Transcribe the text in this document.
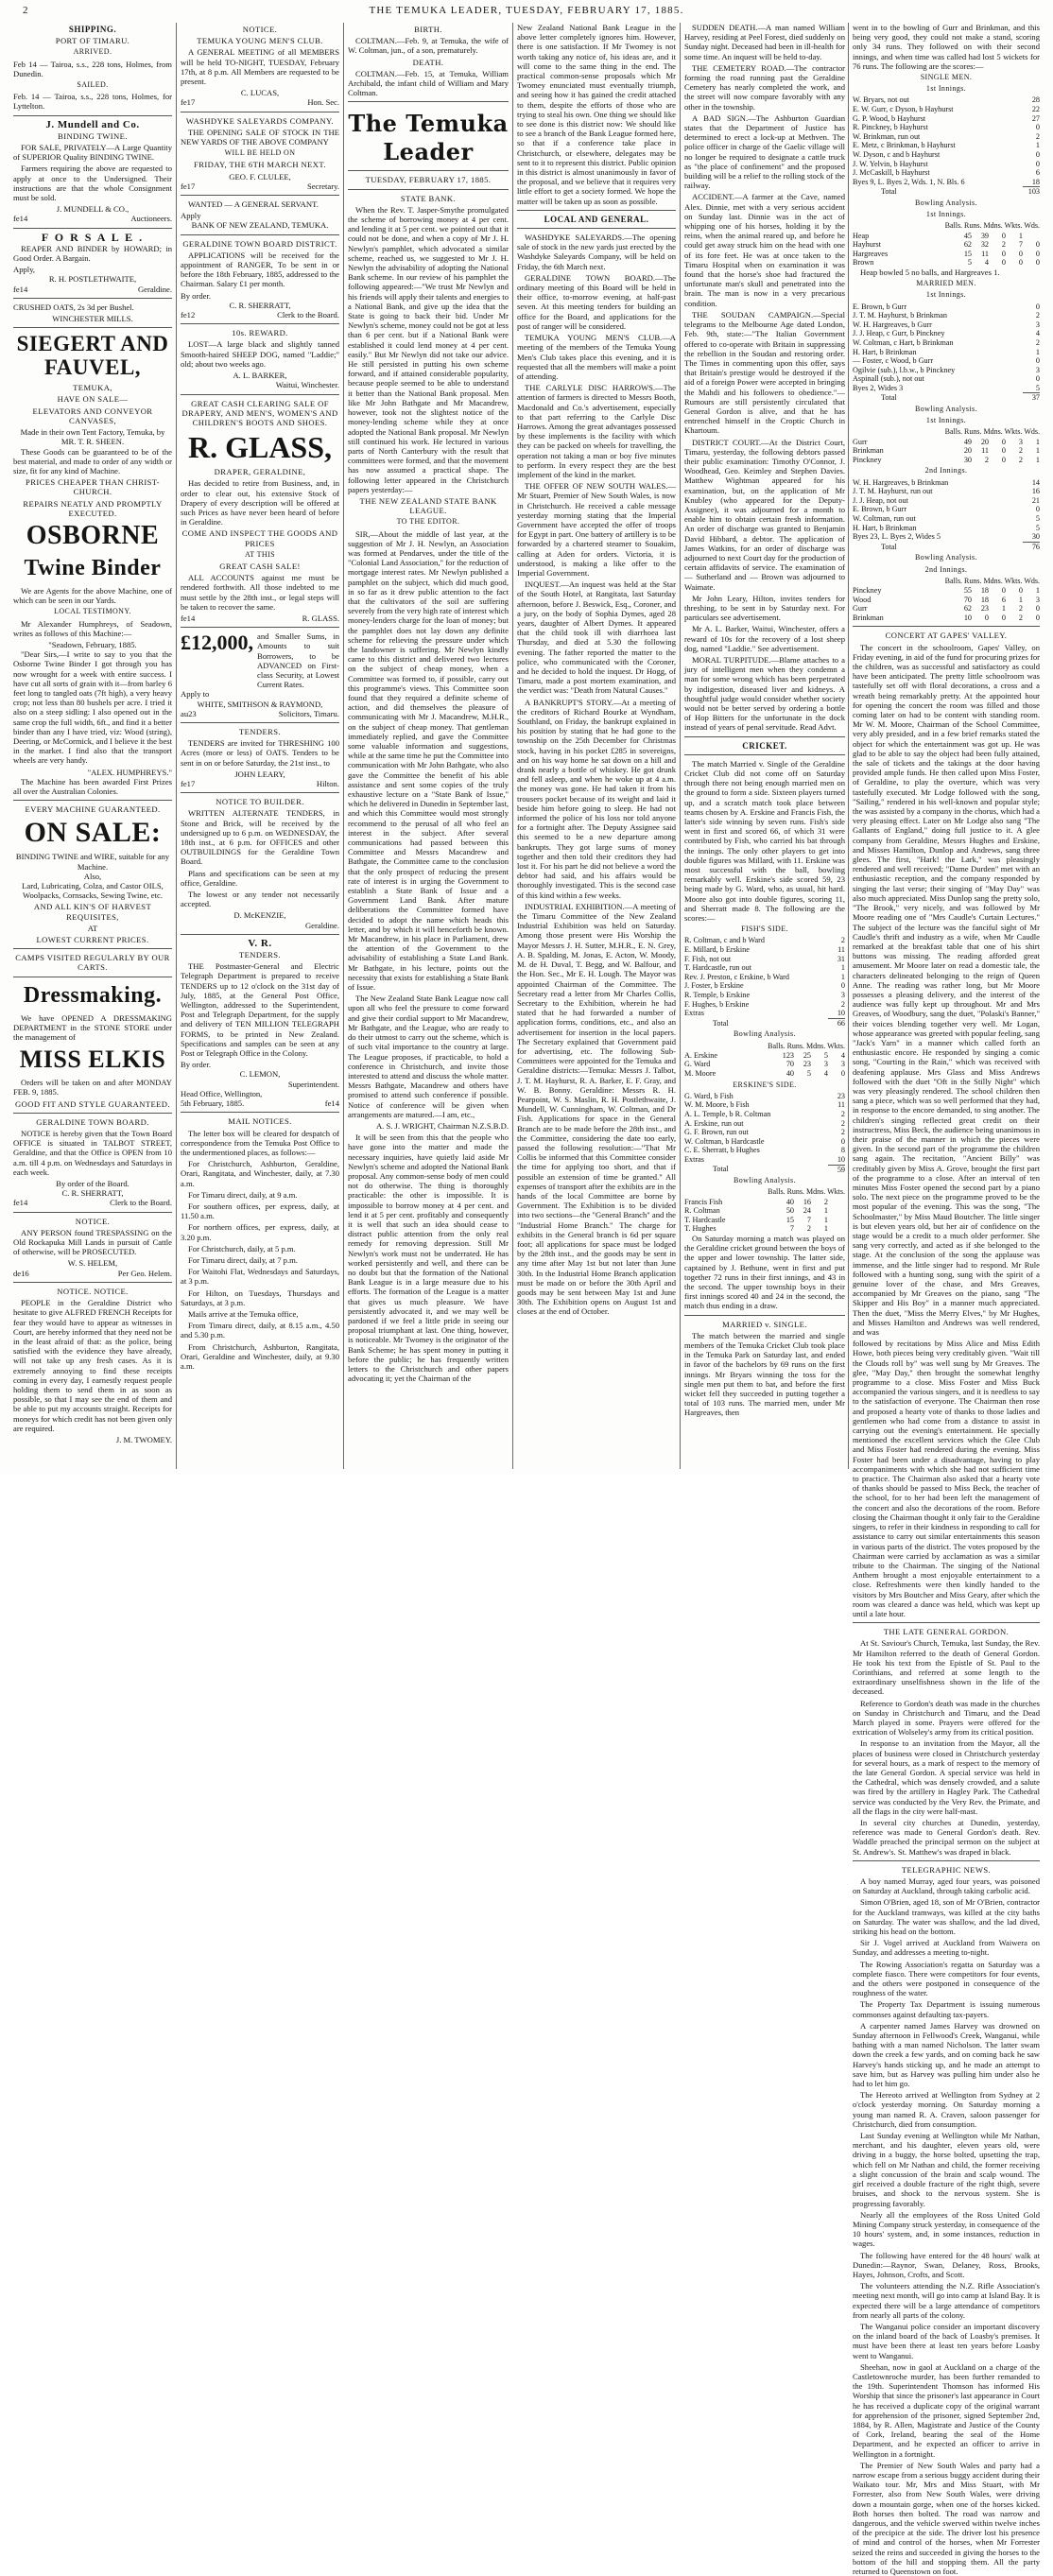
2	THE TEMUKA LEADER, TUESDAY, FEBRUARY 17, 1885.
SHIPPING.
PORT OF TIMARU.
ARRIVED.
Feb 14 — Tairoa, s.s., 228 tons, Holmes, from Dunedin.
SAILED.
Feb. 14 — Tairoa, s.s., 228 tons, Holmes, for Lyttelton.
J. Mundell and Co.
BINDING TWINE.
FOR SALE, PRIVATELY—A Large Quantity of SUPERIOR Quality BINDING TWINE.
Farmers requiring the above are requested to apply at once to the Undersigned. Their instructions are that the whole Consignment must be sold.
J. MUNDELL & CO.,
fe14	Auctioneers.
F O R S A L E .
REAPER AND BINDER by HOWARD; in Good Order. A Bargain.
Apply,
R. H. POSTLETHWAITE,
fe14	Geraldine.
CRUSHED OATS, 2s 3d per Bushel.
WINCHESTER MILLS.
SIEGERT AND FAUVEL,
TEMUKA,
HAVE ON SALE—
ELEVATORS AND CONVEYOR CANVASES,
Made in their own Tent Factory, Temuka, by MR. T. R. SHEEN.
These Goods can be guaranteed to be of the best material, and made to order of any width or size, fit for any kind of Machine.
PRICES CHEAPER THAN CHRIST-CHURCH.
REPAIRS NEATLY AND PROMPTLY EXECUTED.
OSBORNE
Twine Binder
We are Agents for the above Machine, one of which can be seen in our Yards.
LOCAL TESTIMONY.
Mr Alexander Humphreys, of Seadown, writes as follows of this Machine:—
"Seadown, February, 1885.
"Dear Sirs,—I write to say to you that the Osborne Twine Binder I got through you has now wrought for a week with entire success. I have cut all sorts of grain with it—from barley 6 feet long to tangled oats (7ft high), a very heavy crop; not less than 80 bushels per acre. I tried it also on a steep sidling: I also opened out in the same crop the full width, 6ft., and find it a better binder than any I have tried, viz: Wood (string), Deering, or McCormick, and I believe it the best in the market. I find also that the transport wheels are very handy.
"ALEX. HUMPHREYS."
The Machine has been awarded First Prizes all over the Australian Colonies.
EVERY MACHINE GUARANTEED.
ON SALE:
BINDING TWINE and WIRE, suitable for any Machine.
Also,
Lard, Lubricating, Colza, and Castor OILS,
Woolpacks, Cornsacks, Sewing Twine, etc.
AND ALL KIN'S OF HARVEST REQUISITES,
AT
LOWEST CURRENT PRICES.
CAMPS VISITED REGULARLY BY OUR CARTS.
Dressmaking.
We have OPENED A DRESSMAKING DEPARTMENT in the STONE STORE under the management of
MISS ELKIS
Orders will be taken on and after MONDAY FEB. 9, 1885.
GOOD FIT AND STYLE GUARANTEED.
GERALDINE TOWN BOARD.
NOTICE is hereby given that the Town Board OFFICE is situated in TALBOT STREET, Geraldine, and that the Office is OPEN from 10 a.m. till 4 p.m. on Wednesdays and Saturdays in each week.
By order of the Board.
C. R. SHERRATT,
fe14	Clerk to the Board.
NOTICE.
ANY PERSON found TRESPASSING on the Old Rockapuka Mill Lands in pursuit of Cattle of otherwise, will be PROSECUTED.
W. S. HELEM,
de16	Per Geo. Helem.
NOTICE. NOTICE.
PEOPLE in the Geraldine District who hesitate to give ALFRED FRENCH Receipts for fear they would have to appear as witnesses in Court, are hereby informed that they need not be in the least afraid of that: as the police, being satisfied with the evidence they have already, will not take up any fresh cases. As it is extremely annoying to find these receipts coming in every day, I earnestly request people holding them to send them in as soon as possible, so that I may see the end of them and be able to put my accounts straight. Receipts for moneys for which credit has not been given only are required.
J. M. TWOMEY.
NOTICE.
TEMUKA YOUNG MEN'S CLUB.
A GENERAL MEETING of all MEMBERS will be held TO-NIGHT, TUESDAY, February 17th, at 8 p.m. All Members are requested to be present.
C. LUCAS,
fe17	Hon. Sec.
WASHDYKE SALEYARDS COMPANY.
THE OPENING SALE OF STOCK IN THE NEW YARDS OF THE ABOVE COMPANY
WILL BE HELD ON
FRIDAY, THE 6TH MARCH NEXT.
GEO. F. CLULEE,
fe17	Secretary.
WANTED — A GENERAL SERVANT.
Apply
BANK OF NEW ZEALAND, TEMUKA.
GERALDINE TOWN BOARD DISTRICT.
APPLICATIONS will be received for the appointment of RANGER, To be sent in or before the 18th February, 1885, addressed to the Chairman. Salary £1 per month.
By order.
C. R. SHERRATT,
fe12	Clerk to the Board.
10s. REWARD.
LOST—A large black and slightly tanned Smooth-haired SHEEP DOG, named "Laddie;" old; about two weeks ago.
A. L. BARKER,
Waitui, Winchester.
GREAT CASH CLEARING SALE OF DRAPERY, AND MEN'S, WOMEN'S AND CHILDREN'S BOOTS AND SHOES.
R. GLASS,
DRAPER, GERALDINE,
Has decided to retire from Business, and, in order to clear out, his extensive Stock of Drapery of every description will be offered at such Prices as have never been heard of before in Geraldine.
COME AND INSPECT THE GOODS AND PRICES
AT THIS
GREAT CASH SALE!
ALL ACCOUNTS against me must be rendered forthwith. All those indebted to me must settle by the 28th inst., or legal steps will be taken to recover the same.
fe14	R. GLASS.
£12,000, and Smaller Sums, in Amounts to suit Borrowers, to be ADVANCED on First-class Security, at Lowest Current Rates.
Apply to
WHITE, SMITHSON & RAYMOND,
au23	Solicitors, Timaru.
TENDERS.
TENDERS are invited for THRESHING 100 Acres (more or less) of OATS. Tenders to be sent in on or before Saturday, the 21st inst., to
JOHN LEARY,
fe17	Hilton.
NOTICE TO BUILDER.
WRITTEN ALTERNATE TENDERS, in Stone and Brick, will be received by the undersigned up to 6 p.m. on WEDNESDAY, the 18th inst., at 6 p.m. for OFFICES and other OUTBUILDINGS for the Geraldine Town Board.
Plans and specifications can be seen at my office, Geraldine.
The lowest or any tender not necessarily accepted.
D. McKENZIE,
Geraldine.
V. R.
TENDERS.
THE Postmaster-General and Electric Telegraph Department is prepared to receive TENDERS up to 12 o'clock on the 31st day of July, 1885, at the General Post Office, Wellington, addressed to the Superintendent, Post and Telegraph Department, for the supply and delivery of TEN MILLION TELEGRAPH FORMS, to be printed in New Zealand. Specifications and samples can be seen at any Post or Telegraph Office in the Colony.
By order.
C. LEMON,
Superintendent.
Head Office, Wellington,
5th February, 1885.	fe14
MAIL NOTICES.
The letter box will be cleared for despatch of correspondence from the Temuka Post Office to the undermentioned places, as follows:—
For Christchurch, Ashburton, Geraldine, Orari, Rangitata, and Winchester, daily, at 7.30 a.m.
For Timaru direct, daily, at 9 a.m.
For southern offices, per express, daily, at 11.50 a.m.
For northern offices, per express, daily, at 3.20 p.m.
For Christchurch, daily, at 5 p.m.
For Timaru direct, daily, at 7 p.m.
For Waitohi Flat, Wednesdays and Saturdays, at 3 p.m.
For Hilton, on Tuesdays, Thursdays and Saturdays, at 3 p.m.
Mails arrive at the Temuka office,
From Timaru direct, daily, at 8.15 a.m., 4.50 and 5.30 p.m.
From Christchurch, Ashburton, Rangitata, Orari, Geraldine and Winchester, daily, at 9.30 a.m.
BIRTH.
COLTMAN.—Feb. 9, at Temuka, the wife of W. Coltman, jun., of a son, prematurely.
DEATH.
COLTMAN.—Feb. 15, at Temuka, William Archibald, the infant child of William and Mary Coltman.
The Temuka Leader
TUESDAY, FEBRUARY 17, 1885.
STATE BANK.
When the Rev. T. Jasper-Smythe promulgated the scheme of borrowing money at 4 per cent. and lending it at 5 per cent. we pointed out that it could not be done, and when a copy of Mr J. H. Newlyn's pamphlet, which advocated a similar scheme, reached us, we suggested to Mr J. H. Newlyn the advisability of adopting the National Bank scheme. In our review of his pamphlet the following appeared:—"We trust Mr Newlyn and his friends will apply their talents and energies to a National Bank, and give up the idea that the State is going to back their bid. Under Mr Newlyn's scheme, money could not be got at less than 6 per cent. but if a National Bank were established it could lend money at 4 per cent. easily." But Mr Newlyn did not take our advice. He still persisted in putting his own scheme forward, and if attained considerable popularity, because people seemed to be able to understand it better than the National Bank proposal. Men like Mr John Bathgate and Mr Macandrew, however, took not the slightest notice of the money-lending scheme while they at once adopted the National Bank proposal. Mr Newlyn still continued his work. He lectured in various parts of North Canterbury with the result that committees were formed, and that the movement has now assumed a practical shape. The following letter appeared in the Christchurch papers yesterday:—
THE NEW ZEALAND STATE BANK LEAGUE.
TO THE EDITOR.
SIR,—About the middle of last year, at the suggestion of Mr J. H. Newlyn, an Association was formed at Pendarves, under the title of the "Colonial Land Association," for the reduction of mortgage interest rates. Mr Newlyn published a pamphlet on the subject, which did much good, in so far as it drew public attention to the fact that the cultivators of the soil are suffering severely from the very high rate of interest which money-lenders charge for the loan of money; but the pamphlet does not lay down any definite scheme for relieving the pressure under which the landowner is suffering. Mr Newlyn kindly came to this district and delivered two lectures on the subject of cheap money, when a Committee was formed to, if possible, carry out this programme's views. This Committee soon found that they required a definite scheme of action, and did themselves the pleasure of communicating with Mr J. Macandrew, M.H.R., on the subject of cheap money. That gentleman immediately replied, and gave the Committee some valuable information and suggestions, while at the same time he put the Committee into communication with Mr John Bathgate, who also gave the Committee the benefit of his able assistance and sent some copies of the truly exhaustive lecture on a "State Bank of Issue," which he delivered in Dunedin in September last, and which this Committee would most strongly recommend to the perusal of all who feel an interest in the subject. After several communications had passed between this Committee and Messrs Macandrew and Bathgate, the Committee came to the conclusion that the only prospect of reducing the present rate of interest is in urging the Government to establish a State Bank of Issue and a Government Land Bank. After mature deliberations the Committee formed have decided to adopt the name which heads this letter, and by which it will henceforth be known. Mr Macandrew, in his place in Parliament, drew the attention of the Government to the advisability of establishing a State Land Bank. Mr Bathgate, in his lecture, points out the necessity that exists for establishing a State Bank of Issue.
The New Zealand State Bank League now call upon all who feel the pressure to come forward and give their cordial support to Mr Macandrew, Mr Bathgate, and the League, who are ready to do their utmost to carry out the scheme, which is of such vital importance to the country at large. The League proposes, if practicable, to hold a conference in Christchurch, and invite those interested to attend and discuss the whole matter. Messrs Bathgate, Macandrew and others have promised to attend such conference if possible. Notice of conference will be given when arrangements are matured.—I am, etc.,
A. S. J. WRIGHT, Chairman N.Z.S.B.D.
It will be seen from this that the people who have gone into the matter and made the necessary inquiries, have quietly laid aside Mr Newlyn's scheme and adopted the National Bank proposal. Any common-sense body of men could not do otherwise. The thing is thoroughly practicable: the other is impossible. It is impossible to borrow money at 4 per cent. and lend it at 5 per cent. profitably and consequently it is well that such an idea should cease to distract public attention from the only real remedy for removing depression. Still Mr Newlyn's work must not be underrated. He has worked persistently and well, and there can be no doubt but that the formation of the National Bank League is in a large measure due to his efforts. The formation of the League is a matter that gives us much pleasure. We have persistently advocated it, and we may well be pardoned if we feel a little pride in seeing our proposal triumphant at last. One thing, however, is noticeable. Mr Twomey is the originator of the Bank Scheme; he has spent money in putting it before the public; he has frequently written letters to the Christchurch and other papers advocating it; yet the Chairman of the
New Zealand National Bank League in the above letter completely ignores him. However, there is one satisfaction. If Mr Twomey is not worth taking any notice of, his ideas are, and it will come to the same thing in the end. The practical common-sense proposals which Mr Twomey enunciated must eventually triumph, and seeing how it has gained the credit attached to them, despite the efforts of those who are trying to steal his own. One thing we should like to see done is this district now: We should like to see a branch of the Bank League formed here, so that if a conference take place in Christchurch, or elsewhere, delegates may be sent to it to represent this district. Public opinion in this district is almost unanimously in favor of the proposal, and we believe that it requires very little effort to get a society formed. We hope the matter will be taken up as soon as possible.
LOCAL AND GENERAL.
WASHDYKE SALEYARDS.—The opening sale of stock in the new yards just erected by the Washdyke Saleyards Company, will be held on Friday, the 6th March next.
GERALDINE TOWN BOARD.—The ordinary meeting of this Board will be held in their office, to-morrow evening, at half-past seven. At this meeting tenders for building an office for the Board, and applications for the post of ranger will be considered.
TEMUKA YOUNG MEN'S CLUB.—A meeting of the members of the Temuka Young Men's Club takes place this evening, and it is requested that all the members will make a point of attending.
THE CARLYLE DISC HARROWS.—The attention of farmers is directed to Messrs Booth, Macdonald and Co.'s advertisement, especially to that part referring to the Carlyle Disc Harrows. Among the great advantages possessed by these implements is the facility with which they can be packed on wheels for travelling, the operation not taking a man or boy five minutes to perform. In every respect they are the best implement of the kind in the market.
THE OFFER OF NEW SOUTH WALES.—Mr Stuart, Premier of New South Wales, is now in Christchurch. He received a cable message yesterday morning stating that the Imperial Government have accepted the offer of troops for Egypt in part. One battery of artillery is to be forwarded by a chartered steamer to Souakim, calling at Aden for orders. Victoria, it is understood, is making a like offer to the Imperial Government.
INQUEST.—An inquest was held at the Star of the South Hotel, at Rangitata, last Saturday afternoon, before J. Beswick, Esq., Coroner, and a jury, on the body of Sophia Dymes, aged 28 years, daughter of Albert Dymes. It appeared that the child took ill with diarrhoea last Thursday, and died at 5.30 the following evening. The father reported the matter to the police, who communicated with the Coroner, and he decided to hold the inquest. Dr Hogg, of Timaru, made a post mortem examination, and the verdict was: "Death from Natural Causes."
A BANKRUPT'S STORY.—At a meeting of the creditors of Richard Bourke at Wyndham, Southland, on Friday, the bankrupt explained in his position by stating that he had gone to the township on the 25th December for Christmas stock, having in his pocket £285 in sovereigns, and on his way home he sat down on a hill and drank nearly a bottle of whiskey. He got drunk and fell asleep, and when he woke up at 4 a.m. the money was gone. He had taken it from his trousers pocket because of its weight and laid it beside him before going to sleep. He had not informed the police of his loss nor told anyone for a fortnight after. The Deputy Assignee said this seemed to be a new departure among bankrupts. They got large sums of money together and then told their creditors they had lost it. For his part he did not believe a word the debtor had said, and his affairs would be thoroughly investigated. This is the second case of this kind within a few weeks.
INDUSTRIAL EXHIBITION.—A meeting of the Timaru Committee of the New Zealand Industrial Exhibition was held on Saturday. Among those present were His Worship the Mayor Messrs J. H. Sutter, M.H.R., E. N. Grey, A. B. Spalding, M. Jonas, E. Acton, W. Moody, M. de H. Duval, T. Begg, and W. Balfour, and the Hon. Sec., Mr E. H. Lough. The Mayor was appointed Chairman of the Committee. The Secretary read a letter from Mr Charles Collis, Secretary to the Exhibition, wherein he had stated that he had forwarded a number of application forms, conditions, etc., and also an advertisement for insertion in the local papers. The Secretary explained that Government paid for advertising, etc. The following Sub-Committees were appointed for the Temuka and Geraldine districts:—Temuka: Messrs J. Talbot, J. T. M. Hayhurst, R. A. Barker, E. F. Gray, and W. B. Bonny. Geraldine: Messrs R. H. Pearpoint, W. S. Maslin, R. H. Postlethwaite, J. Mundell, W. Cunningham, W. Coltman, and Dr Fish. Applications for space in the General Branch are to be made before the 28th inst., and the Committee, considering the date too early, passed the following resolution:—"That Mr Collis be informed that this Committee consider the time for applying too short, and that if possible an extension of time be granted." All expenses of transport after the exhibits are in the hands of the local Committee are borne by Government. The Exhibition is to be divided into two sections—the "General Branch" and the "Industrial Home Branch." The charge for exhibits in the General branch is 6d per square foot; all applications for space must be lodged by the 28th inst., and the goods may be sent in any time after May 1st but not later than June 30th. In the Industrial Home Branch application must be made on or before the 30th April and goods may be sent between May 1st and June 30th. The Exhibition opens on August 1st and closes at the end of October.
SUDDEN DEATH.—A man named William Harvey, residing at Peel Forest, died suddenly on Sunday night. Deceased had been in ill-health for some time. An inquest will be held to-day.
THE CEMETERY ROAD.—The contractor forming the road running past the Geraldine Cemetery has nearly completed the work, and the street will now compare favorably with any other in the township.
A BAD SIGN.—The Ashburton Guardian states that the Department of Justice has determined to erect a lock-up at Methven. The police officer in charge of the Gaelic village will no longer be required to designate a cattle truck as "the place of confinement" and the proposed building will be a relief to the rolling stock of the railway.
ACCIDENT.—A farmer at the Cave, named Alex. Dinnie, met with a very serious accident on Sunday last. Dinnie was in the act of whipping one of his horses, holding it by the reins, when the animal reared up, and before he could get away struck him on the head with one of its fore feet. He was at once taken to the Timaru Hospital when on examination it was found that the horse's shoe had fractured the unfortunate man's skull and penetrated into the brain. The man is now in a very precarious condition.
THE SOUDAN CAMPAIGN.—Special telegrams to the Melbourne Age dated London, Feb. 9th, state:—"The Italian Government offered to co-operate with Britain in suppressing the rebellion in the Soudan and restoring order. The Times in commenting upon this offer, says that Britain's prestige would be destroyed if the aid of a foreign Power were accepted in bringing the Mahdi and his followers to obedience."—Rumours are still persistently circulated that General Gordon is alive, and that he has entrenched himself in the Croptic Church in Khartoum.
DISTRICT COURT.—At the District Court, Timaru, yesterday, the following debtors passed their public examination: Timothy O'Connor, J. Woodhead, Geo. Keimley and Stephen Davies. Matthew Wightman appeared for his examination, but, on the application of Mr Knubley (who appeared for the Deputy-Assignee), it was adjourned for a month to enable him to obtain certain fresh information. An order of discharge was granted to Benjamin David Hibbard, a debtor. The application of James Watkins, for an order of discharge was adjourned to next Court day for the production of certain affidavits of service. The examination of — Sutherland and — Brown was adjourned to Waimate.
Mr John Leary, Hilton, invites tenders for threshing, to be sent in by Saturday next. For particulars see advertisement.
Mr A. L. Barker, Waitui, Winchester, offers a reward of 10s for the recovery of a lost sheep dog, named "Laddie." See advertisement.
MORAL TURPITUDE.—Blame attaches to a jury of intelligent men when they condemn a man for some wrong which has been perpetrated by indigestion, diseased liver and kidneys. A thoughtful judge would consider whether society would not be better served by ordering a bottle of Hop Bitters for the unfortunate in the dock instead of years of penal servitude. Read Advt.
CRICKET.
The match Married v. Single of the Geraldine Cricket Club did not come off on Saturday through there not being enough married men on the ground to form a side. Sixteen players turned up, and a scratch match took place between teams chosen by A. Erskine and Francis Fish, the latter's side winning by seven runs. Fish's side went in first and scored 66, of which 31 were contributed by Fish, who carried his bat through the innings. The only other players to get into double figures was Millard, with 11. Erskine was most successful with the ball, bowling remarkably well. Erskine's side scored 59, 23 being made by G. Ward, who, as usual, hit hard. Moore also got into double figures, scoring 11, and Sherratt made 8. The following are the scores:—
FISH'S SIDE.
R. Coltman, c and b Ward	2
E. Millard, b Erskine	11
F. Fish, not out	31
T. Hardcastle, run out	1
Rev. J. Preston, c Erskine, b Ward	1
J. Foster, b Erskine	0
R. Temple, b Erskine	3
F. Hughes, b Erskine	2
Extras	10
Total	66
Bowling Analysis.
Balls. Runs. Mdns. Wkts.
A. Erskine	123	25	5	4
G. Ward	70	23	3	3
M. Moore	40	5	4	0
ERSKINE'S SIDE.
G. Ward, b Fish	23
W. M. Moore, b Fish	11
A. L. Temple, b R. Coltman	2
A. Erskine, run out	2
G. F. Brown, run out	2
W. Coltman, b Hardcastle	0
C. E. Sherratt, b Hughes	8
Extras	10
Total	59
Bowling Analysis.
Balls. Runs. Mdns. Wkts.
Francis Fish	40	16	2	
R. Coltman	50	24	1	
T. Hardcastle	15	7	1	
T. Hughes	7	2	1	
On Saturday morning a match was played on the Geraldine cricket ground between the boys of the upper and lower township. The latter side, captained by J. Bethune, went in first and put together 72 runs in their first innings, and 43 in the second. The upper township boys in their first innings scored 40 and 24 in the second, the match thus ending in a draw.
MARRIED v. SINGLE.
The match between the married and single members of the Temuka Cricket Club took place in the Temuka Park on Saturday last, and ended in favor of the bachelors by 69 runs on the first innings. Mr Bryars winning the toss for the single men put them to bat, and before the first wicket fell they succeeded in putting together a total of 103 runs. The married men, under Mr Hargreaves, then
went in to the bowling of Gurr and Brinkman, and this being very good, they could not make a stand, scoring only 34 runs. They followed on with their second innings, and when time was called had lost 5 wickets for 76 runs. The following are the scores:—
SINGLE MEN.
1st Innings.
W. Bryars, not out	28
E. W. Gurr, c Dyson, b Hayhurst	22
G. P. Wood, b Hayhurst	27
R. Pinckney, b Hayhurst	0
W. Brinkman, run out	2
E. Metz, c Brinkman, b Hayhurst	1
W. Dyson, c and b Hayhurst	0
J. W. Yelvin, b Hayhurst	0
J. McCaskill, b Hayhurst	6
Byes 9, L. Byes 2, Wds. 1, N. Bls. 6	18
Total	103
Bowling Analysis.
1st Innings.
Balls. Runs. Mdns. Wkts. Wds.
Heap	45	39	0	1	
Hayhurst	62	32	2	7	0
Hargreaves	15	11	0	0	0
Brown	5	4	0	0	0
Heap bowled 5 no balls, and Hargreaves 1.
MARRIED MEN.
1st Innings.
E. Brown, b Gurr	0
J. T. M. Hayhurst, b Brinkman	2
W. H. Hargreaves, b Gurr	3
J. J. Heap, c Gurr, b Pinckney	4
W. Coltman, c Hart, b Brinkman	2
H. Hart, b Brinkman	1
— Foster, c Wood, b Gurr	0
Ogilvie (sub.), l.b.w., b Pinckney	3
Aspinall (sub.), not out	0
Byes 2, Wides 3	5
Total	37
Bowling Analysis.
1st Innings.
Balls. Runs. Mdns. Wkts. Wds.
Gurr	49	20	0	3	1
Brinkman	20	11	0	2	1
Pinckney	30	2	0	2	1
2nd Innings.
W. H. Hargreaves, b Brinkman	14
J. T. M. Hayhurst, run out	16
J. J. Heap, not out	21
E. Brown, b Gurr	0
W. Coltman, run out	5
H. Hart, b Brinkman	5
Byes 23, L. Byes 2, Wides 5	30
Total	76
Bowling Analysis.
2nd Innings.
Balls. Runs. Mdns. Wkts. Wds.
Pinckney	55	18	0	0	1
Wood	70	18	6	1	3
Gurr	62	23	1	2	0
Brinkman	10	0	0	2	0
CONCERT AT GAPES' VALLEY.
The concert in the schoolroom, Gapes' Valley, on Friday evening, in aid of the fund for procuring prizes for the children, was as successful and satisfactory as could have been anticipated. The pretty little schoolroom was tastefully set off with floral decorations, a cross and a wreath being remarkably pretty. At the appointed hour for opening the concert the room was filled and those coming later on had to be content with standing room. Mr W. M. Moore, Chairman of the School Committee, very ably presided, and in a few brief remarks stated the object for which the entertainment was got up. He was glad to be able to say the object had been fully attained, the sale of tickets and the takings at the door having provided ample funds. He then called upon Miss Foster, of Geraldine, to play the overture, which was very tastefully executed. Mr Lodge followed with the song, "Sailing," rendered in his well-known and popular style; the was assisted by a company in the chorus, which had a very pleasing effect. Later on Mr Lodge also sang "The Gallants of England," doing full justice to it. A glee company from Geraldine, Messrs Hughes and Erskine, and Misses Hamilton, Dunlop and Andrews, sang three glees. The first, "Hark! the Lark," was pleasingly rendered and well received; "Dame Durden" met with an enthusiastic reception, and the company responded by singing the last verse; their singing of "May Day" was also much appreciated. Miss Dunlop sang the pretty solo, "The Brook," very nicely, and was followed by Mr Moore reading one of "Mrs Caudle's Curtain Lectures." The subject of the lecture was the fanciful sight of Mr Caudle's thrift and industry as a wife, when Mr Caudle remarked at the breakfast table that one of his shirt buttons was missing. The reading afforded great amusement. Mr Moore later on read a domestic tale, the characters delineated belonging to the reign of Queen Anne. The reading was rather long, but Mr Moore possesses a pleasing delivery, and the interest of the audience was fully kept up throughout. Mr and Mrs Greaves, of Woodbury, sang the duet, "Polaski's Banner," their voices blending together very well. Mr Logan, whose appearance was greeted with popular feeling, sang "Jack's Yarn" in a manner which called forth an enthusiastic encore. He responded by singing a comic song, "Courting in the Rain," which was received with deafening applause. Mrs Glass and Miss Andrews followed with the duet "Oft in the Stilly Night" which was very pleasingly rendered. The school children then sang a piece, which was so well performed that they had, in response to the encore demanded, to sing another. The children's singing reflected great credit on their instructress, Miss Beck, the audience being unanimous in their praise of the manner in which the pieces were given. In the second part of the programme the children sang again. The recitation, "Ancient Billy" was creditably given by Miss A. Grove, brought the first part of the programme to a close. After an interval of ten minutes Miss Foster opened the second part by a piano solo. The next piece on the programme proved to be the most popular of the evening. This was the song, "The Schoolmaster," by Miss Maud Boutcher. The little singer is but eleven years old, but her air of confidence on the stage would be a credit to a much older performer. She sang very correctly, and acted as if she belonged to the stage. At the conclusion of the song the applause was immense, and the little singer had to respond. Mr Rule followed with a hunting song, sung with the spirit of a genuine lover of the chase, and Mrs Greaves, accompanied by Mr Greaves on the piano, sang "The Skipper and His Boy" in a manner much appreciated. Then the duet, "Miss the Merry Elves," by Mr Hughes, and Misses Hamilton and Andrews was well rendered, and was
followed by recitations by Miss Alice and Miss Edith Howe, both pieces being very creditably given. "Wait till the Clouds roll by" was well sung by Mr Greaves. The glee, "May Day," then brought the somewhat lengthy programme to a close. Miss Foster and Miss Buck accompanied the various singers, and it is needless to say to the satisfaction of everyone. The Chairman then rose and proposed a hearty vote of thanks to those ladies and gentlemen who had come from a distance to assist in carrying out the evening's entertainment. He specially mentioned the excellent services which the Glee Club and Miss Foster had rendered during the evening. Miss Foster had been under a disadvantage, having to play accompaniments with which she had not sufficient time to practice. The Chairman also asked that a hearty vote of thanks should be passed to Miss Beck, the teacher of the school, for to her had been left the management of the concert and also the decorations of the room. Before closing the Chairman thought it only fair to the Geraldine singers, to refer in their kindness in responding to call for assistance to carry out similar entertainments this season in various parts of the district. The votes proposed by the Chairman were carried by acclamation as was a similar tribute to the Chairman. The singing of the National Anthem brought a most enjoyable entertainment to a close. Refreshments were then kindly handed to the visitors by Mrs Boutcher and Miss Geary, after which the room was cleared a dance was held, which was kept up until a late hour.
THE LATE GENERAL GORDON.
At St. Saviour's Church, Temuka, last Sunday, the Rev. Mr Hamilton referred to the death of General Gordon. He took his text from the Epistle of St. Paul to the Corinthians, and referred at some length to the extraordinary unselfishness shown in the life of the deceased.
Reference to Gordon's death was made in the churches on Sunday in Christchurch and Timaru, and the Dead March played in some. Prayers were offered for the extrication of Wolseley's army from its critical position.
In response to an invitation from the Mayor, all the places of business were closed in Christchurch yesterday for several hours, as a mark of respect to the memory of the late General Gordon. A special service was held in the Cathedral, which was densely crowded, and a salute was fired by the artillery in Hagley Park. The Cathedral service was conducted by the Very Rev. the Primate, and all the flags in the city were half-mast.
In several city churches at Dunedin, yesterday, reference was made to General Gordon's death. Rev. Waddle preached the principal sermon on the subject at St. Andrew's. St. Matthew's was draped in black.
TELEGRAPHIC NEWS.
A boy named Murray, aged four years, was poisoned on Saturday at Auckland, through taking carbolic acid.
Simon O'Brien, aged 18, son of Mr O'Brien, contractor for the Auckland tramways, was killed at the city baths on Saturday. The water was shallow, and the lad dived, striking his head on the bottom.
Sir J. Vogel arrived at Auckland from Waiwera on Sunday, and addresses a meeting to-night.
The Rowing Association's regatta on Saturday was a complete fiasco. There were competitors for four events, and the others were postponed in consequence of the roughness of the water.
The Property Tax Department is issuing numerous commonses against defaulting tax-payers.
A carpenter named James Harvey was drowned on Sunday afternoon in Fellwood's Creek, Wanganui, while bathing with a man named Nicholson. The latter swam down the creek a few yards, and on coming back he saw Harvey's hands sticking up, and he made an attempt to save him, but as Harvey was pulling him under also he had to let him go.
The Hereoto arrived at Wellington from Sydney at 2 o'clock yesterday morning. On Saturday morning a young man named R. A. Craven, saloon passenger for Christchurch, died from consumption.
Last Sunday evening at Wellington while Mr Nathan, merchant, and his daughter, eleven years old, were driving in a buggy, the horse bolted, upsetting the trap, which fell on Mr Nathan and child, the former receiving a slight concussion of the brain and scalp wound. The girl received a double fracture of the right thigh, severe bruises, and shock to the nervous system. She is progressing favorably.
Nearly all the employees of the Ross United Gold Mining Company struck yesterday, in consequence of the 10 hours' system, and, in some instances, reduction in wages.
The following have entered for the 48 hours' walk at Dunedin:—Raynor, Swan, Delaney, Ross, Brooks, Hayes, Johnson, Crofts, and Scott.
The volunteers attending the N.Z. Rifle Association's meeting next month, will go into camp at Island Bay. It is expected there will be a large attendance of competitors from nearly all parts of the colony.
The Wanganui police consider an important discovery on the inland board of the back of Loasby's premises. It must have been there at least ten years before Loasby went to Wanganui.
Sheehan, now in gaol at Auckland on a charge of the Castletownroche murder, has been further remanded to the 19th. Superintendent Thomson has informed His Worship that since the prisoner's last appearance in Court he has received a duplicate copy of the original warrant for apprehension of the prisoner, signed September 2nd, 1884, by R. Allen, Magistrate and Justice of the County of Cork, Ireland, bearing the seal of the Home Department, and he expected an officer to arrive in Wellington in a fortnight.
The Premier of New South Wales and party had a narrow escape from a serious buggy accident during their Waikato tour. Mr, Mrs and Miss Stuart, with Mr Forrester, also from New South Wales, were driving down a mountain gorge, when one of the horses kicked. Both horses then bolted. The road was narrow and dangerous, and the vehicle swerved within twelve inches of the precipice at the side. The driver lost his presence of mind and control of the horses, when Mr Forrester seized the reins and succeeded in giving the horses to the bottom of the hill and stopping them. All the party returned to Queenstown on foot.
